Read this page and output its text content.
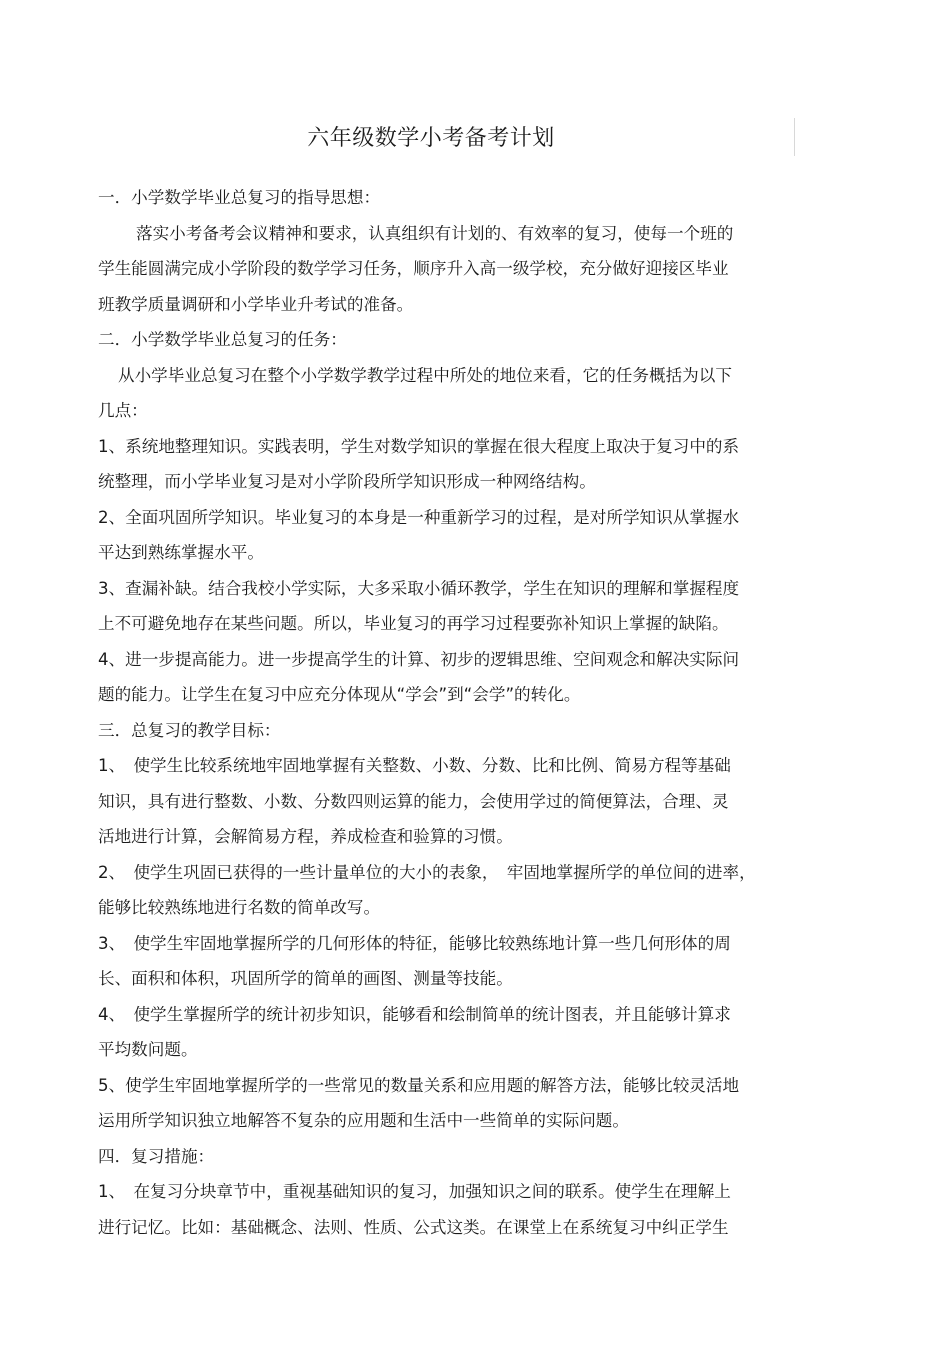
六年级数学小考备考计划
一．小学数学毕业总复习的指导思想：
落实小考备考会议精神和要求，认真组织有计划的、有效率的复习，使每一个班的
学生能圆满完成小学阶段的数学学习任务，顺序升入高一级学校，充分做好迎接区毕业
班教学质量调研和小学毕业升考试的准备。
二．小学数学毕业总复习的任务：
从小学毕业总复习在整个小学数学教学过程中所处的地位来看，它的任务概括为以下
几点：
1、系统地整理知识。实践表明，学生对数学知识的掌握在很大程度上取决于复习中的系
统整理，而小学毕业复习是对小学阶段所学知识形成一种网络结构。
2、全面巩固所学知识。毕业复习的本身是一种重新学习的过程，是对所学知识从掌握水
平达到熟练掌握水平。
3、查漏补缺。结合我校小学实际，大多采取小循环教学，学生在知识的理解和掌握程度
上不可避免地存在某些问题。所以，毕业复习的再学习过程要弥补知识上掌握的缺陷。
4、进一步提高能力。进一步提高学生的计算、初步的逻辑思维、空间观念和解决实际问
题的能力。让学生在复习中应充分体现从“学会”到“会学”的转化。
三．总复习的教学目标：
1、　使学生比较系统地牢固地掌握有关整数、小数、分数、比和比例、简易方程等基础
知识，具有进行整数、小数、分数四则运算的能力，会使用学过的简便算法，合理、灵
活地进行计算，会解简易方程，养成检查和验算的习惯。
2、　使学生巩固已获得的一些计量单位的大小的表象，　牢固地掌握所学的单位间的进率，
能够比较熟练地进行名数的简单改写。
3、　使学生牢固地掌握所学的几何形体的特征，能够比较熟练地计算一些几何形体的周
长、面积和体积，巩固所学的简单的画图、测量等技能。
4、　使学生掌握所学的统计初步知识，能够看和绘制简单的统计图表，并且能够计算求
平均数问题。
5、使学生牢固地掌握所学的一些常见的数量关系和应用题的解答方法，能够比较灵活地
运用所学知识独立地解答不复杂的应用题和生活中一些简单的实际问题。
四．复习措施：
1、　在复习分块章节中，重视基础知识的复习，加强知识之间的联系。使学生在理解上
进行记忆。比如：基础概念、法则、性质、公式这类。在课堂上在系统复习中纠正学生
